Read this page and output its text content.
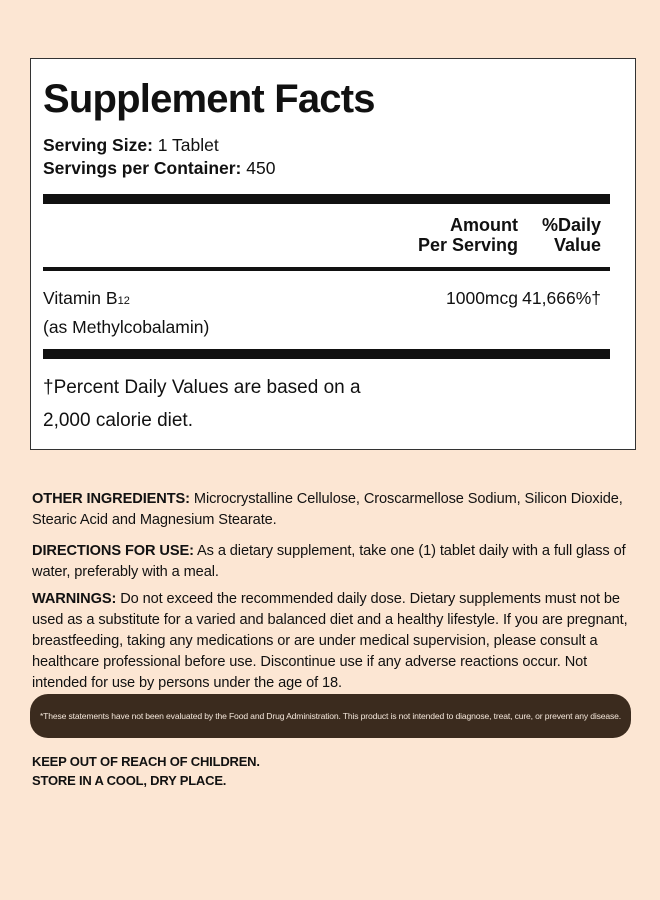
Supplement Facts
Serving Size: 1 Tablet
Servings per Container: 450
Amount
Per Serving
%Daily
Value
Vitamin B12
(as Methylcobalamin)
1000mcg 41,666%†
†Percent Daily Values are based on a 2,000 calorie diet.
OTHER INGREDIENTS: Microcrystalline Cellulose, Croscarmellose Sodium, Silicon Dioxide, Stearic Acid and Magnesium Stearate.
DIRECTIONS FOR USE: As a dietary supplement, take one (1) tablet daily with a full glass of water, preferably with a meal.
WARNINGS: Do not exceed the recommended daily dose. Dietary supplements must not be used as a substitute for a varied and balanced diet and a healthy lifestyle. If you are pregnant, breastfeeding, taking any medications or are under medical supervision, please consult a healthcare professional before use. Discontinue use if any adverse reactions occur. Not intended for use by persons under the age of 18.
*These statements have not been evaluated by the Food and Drug Administration. This product is not intended to diagnose, treat, cure, or prevent any disease.
KEEP OUT OF REACH OF CHILDREN.
STORE IN A COOL, DRY PLACE.
